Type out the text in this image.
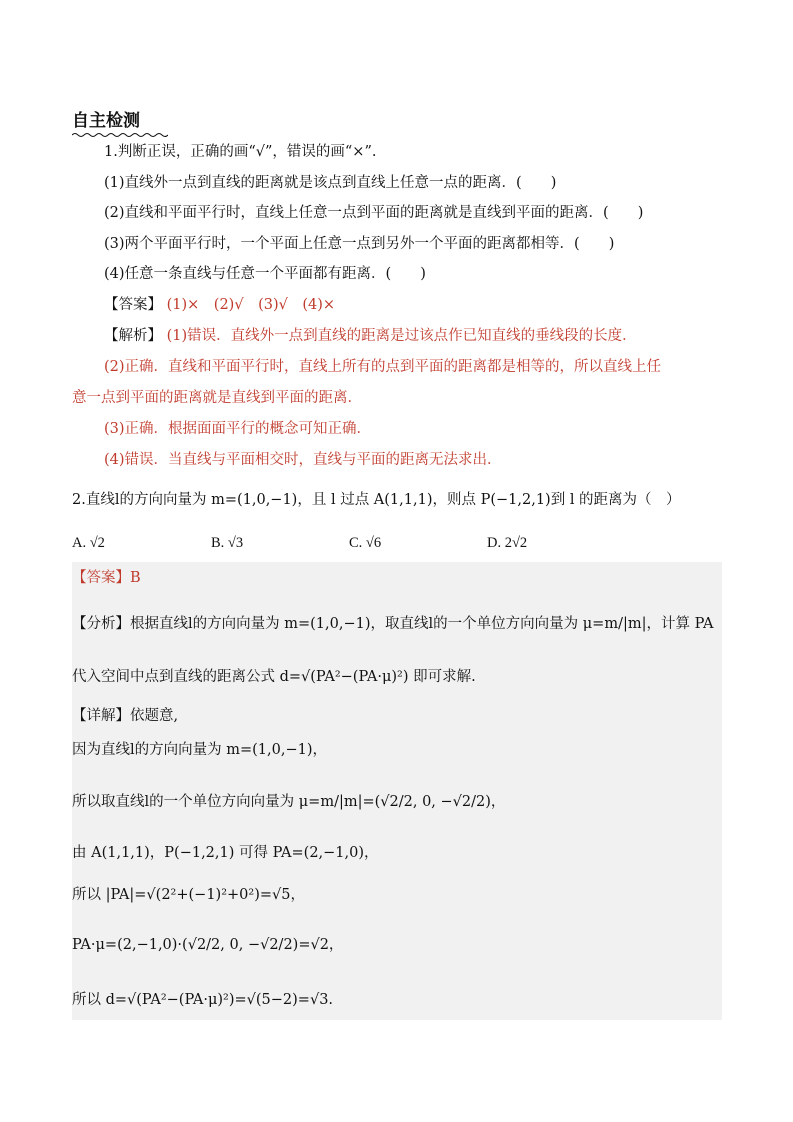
自主检测
1.判断正误，正确的画“√”，错误的画“×”.
(1)直线外一点到直线的距离就是该点到直线上任意一点的距离．(　　)
(2)直线和平面平行时，直线上任意一点到平面的距离就是直线到平面的距离．(　　)
(3)两个平面平行时，一个平面上任意一点到另外一个平面的距离都相等．(　　)
(4)任意一条直线与任意一个平面都有距离．(　　)
【答案】 (1)×　(2)√　(3)√　(4)×
【解析】 (1)错误．直线外一点到直线的距离是过该点作已知直线的垂线段的长度．
(2)正确．直线和平面平行时，直线上所有的点到平面的距离都是相等的，所以直线上任
意一点到平面的距离就是直线到平面的距离．
(3)正确．根据面面平行的概念可知正确．
(4)错误．当直线与平面相交时，直线与平面的距离无法求出．
2.直线l的方向向量为 m=(1,0,−1)，且 l 过点 A(1,1,1)，则点 P(−1,2,1)到 l 的距离为（　）
A. √2	B. √3	C. √6	D. 2√2
【答案】B
【分析】根据直线l的方向向量为 m=(1,0,−1)，取直线l的一个单位方向向量为 μ=m/|m|，计算 PA
代入空间中点到直线的距离公式 d=√(PA²−(PA·μ)²) 即可求解.
【详解】依题意,
因为直线l的方向向量为 m=(1,0,−1)，
所以取直线l的一个单位方向向量为 μ=m/|m|=(√2/2, 0, −√2/2)，
由 A(1,1,1)，P(−1,2,1) 可得 PA=(2,−1,0)，
所以 |PA|=√(2²+(−1)²+0²)=√5，
PA·μ=(2,−1,0)·(√2/2, 0, −√2/2)=√2，
所以 d=√(PA²−(PA·μ)²)=√(5−2)=√3.
